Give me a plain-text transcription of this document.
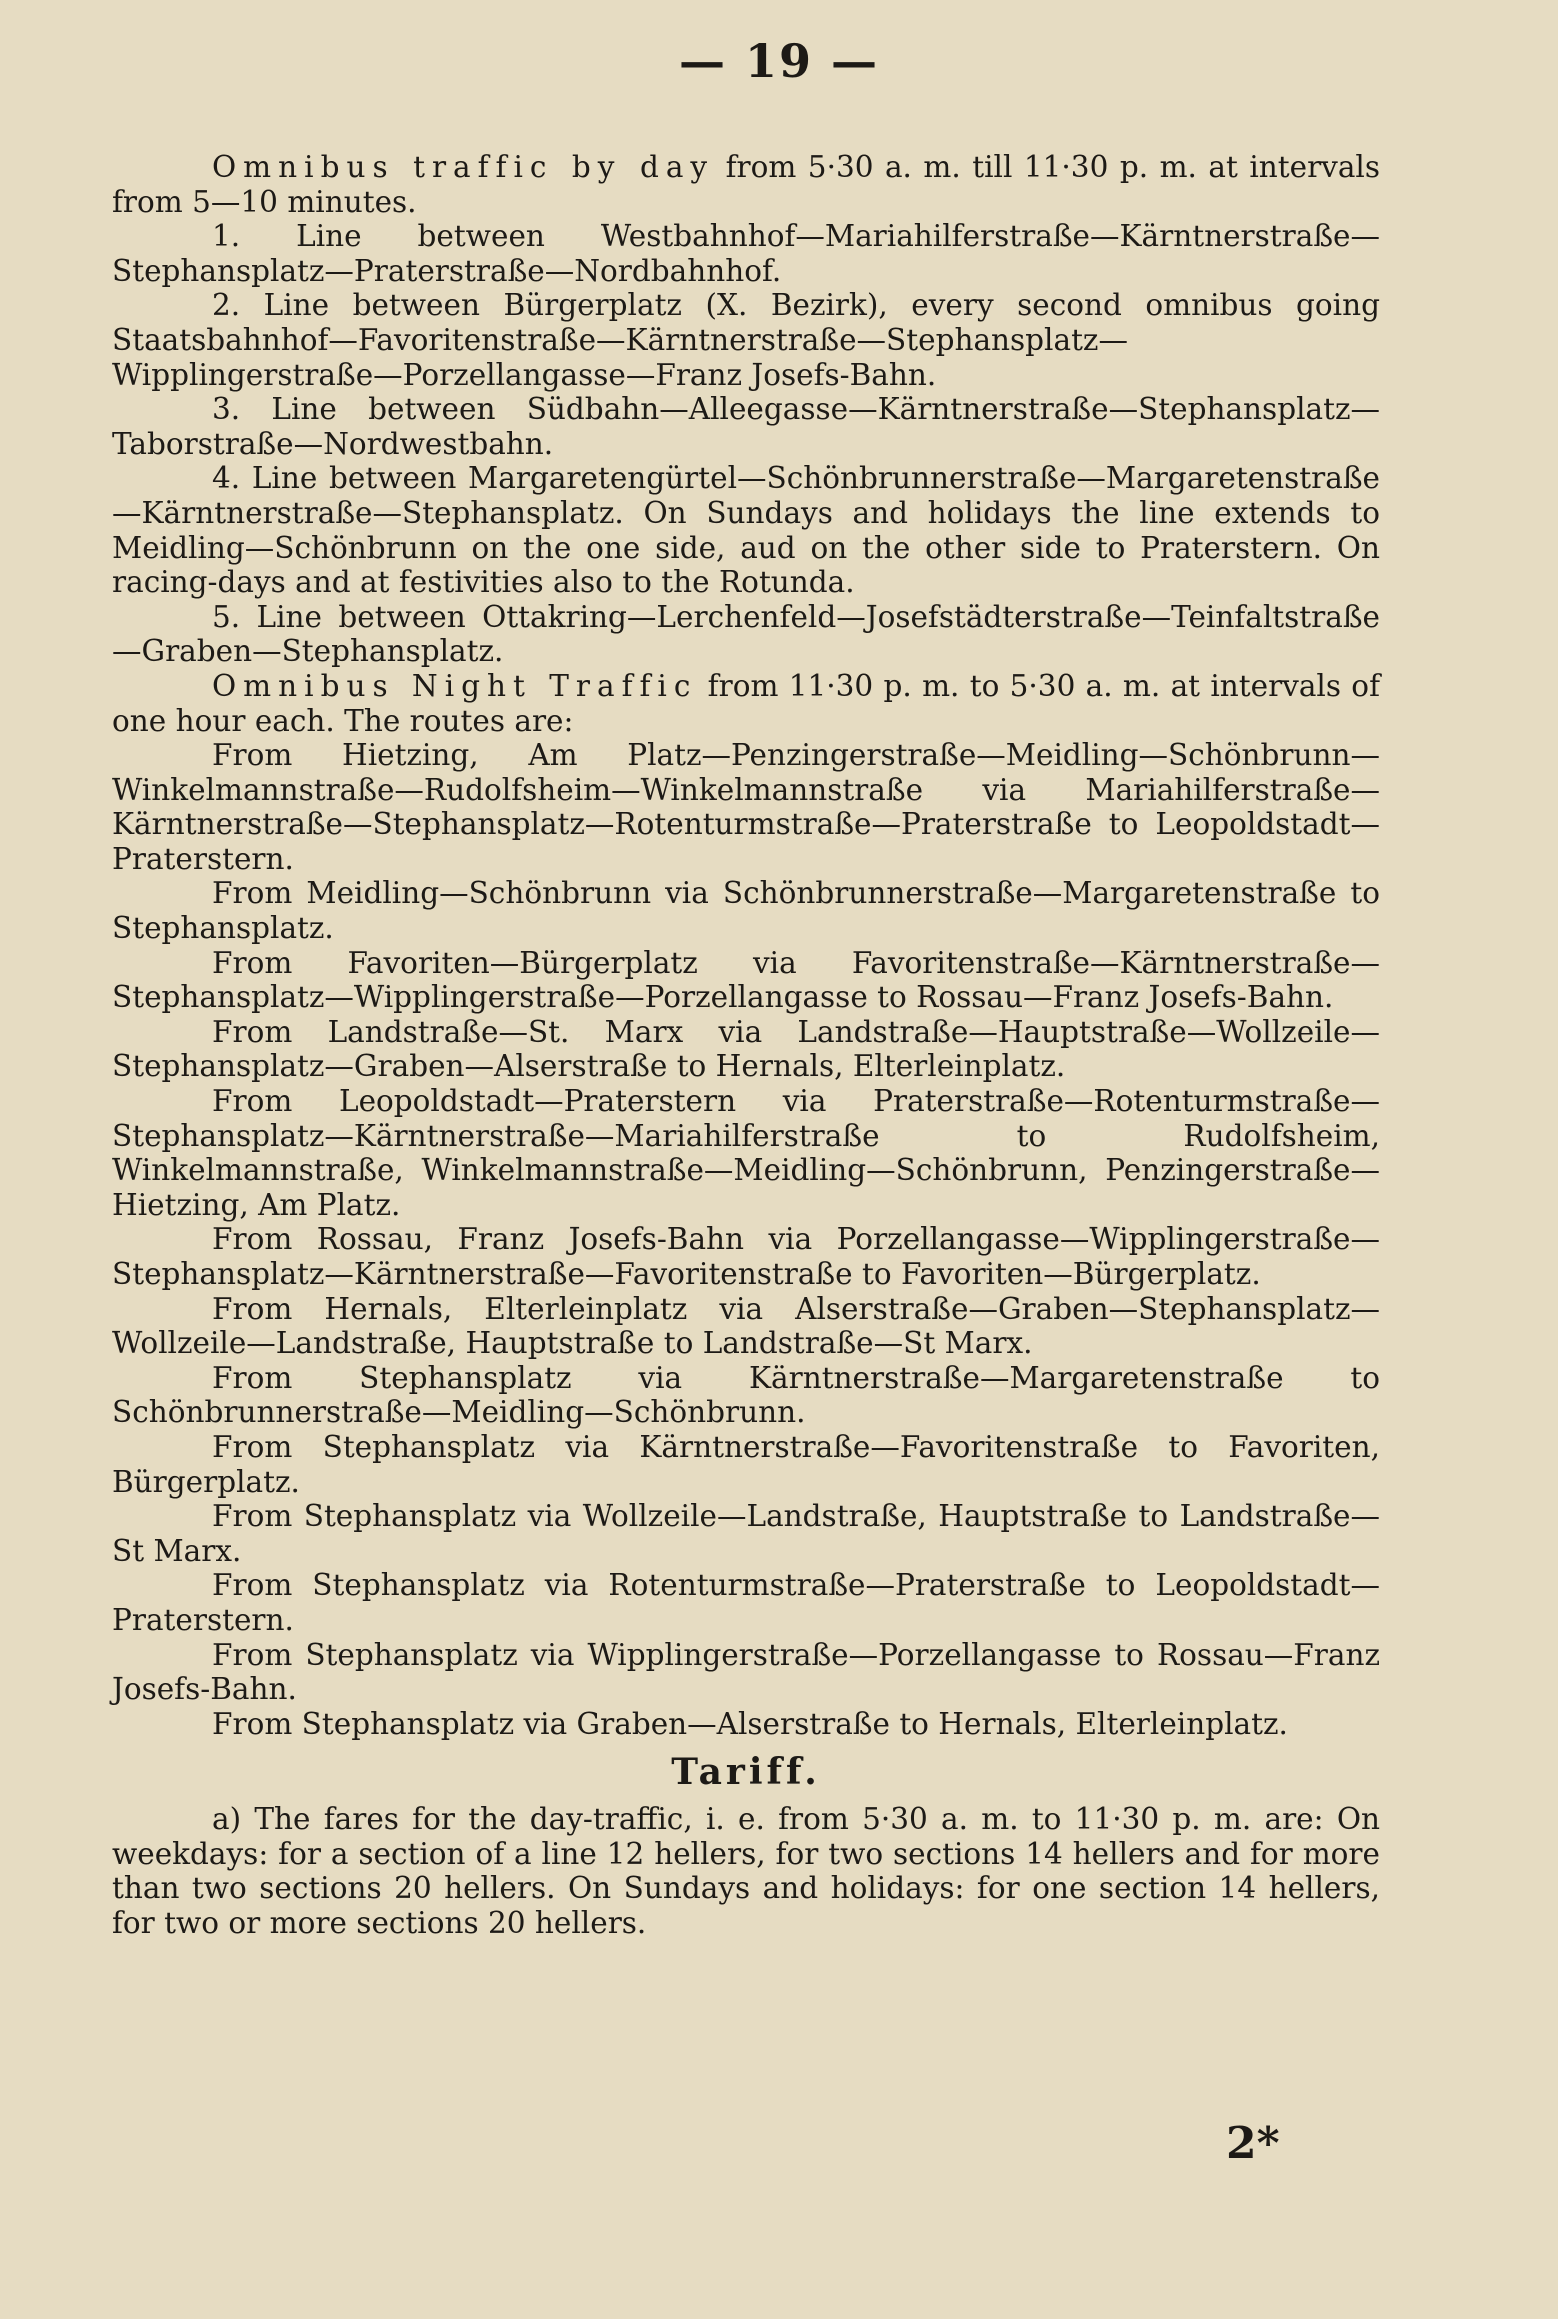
— 19 —

Omnibus traffic by day from 5·30 a. m. till 11·30 p. m. at intervals from 5—10 minutes.

1. Line between Westbahnhof—Mariahilferstraße—Kärntnerstraße—Stephansplatz—Praterstraße—Nordbahnhof.

2. Line between Bürgerplatz (X. Bezirk), every second omnibus going Staatsbahnhof—Favoritenstraße—Kärntnerstraße—Stephansplatz—Wipplingerstraße—Porzellangasse—Franz Josefs-Bahn.

3. Line between Südbahn—Alleegasse—Kärntnerstraße—Stephansplatz—Taborstraße—Nordwestbahn.

4. Line between Margaretengürtel—Schönbrunnerstraße—Margaretenstraße—Kärntnerstraße—Stephansplatz. On Sundays and holidays the line extends to Meidling—Schönbrunn on the one side, aud on the other side to Praterstern. On racing-days and at festivities also to the Rotunda.

5. Line between Ottakring—Lerchenfeld—Josefstädterstraße—Teinfaltstraße—Graben—Stephansplatz.

Omnibus Night Traffic from 11·30 p. m. to 5·30 a. m. at intervals of one hour each. The routes are:

From Hietzing, Am Platz—Penzingerstraße—Meidling—Schönbrunn—Winkelmannstraße—Rudolfsheim—Winkelmannstraße via Mariahilferstraße—Kärntnerstraße—Stephansplatz—Rotenturmstraße—Praterstraße to Leopoldstadt—Praterstern.

From Meidling—Schönbrunn via Schönbrunnerstraße—Margaretenstraße to Stephansplatz.

From Favoriten—Bürgerplatz via Favoritenstraße—Kärntnerstraße—Stephansplatz—Wipplingerstraße—Porzellangasse to Rossau—Franz Josefs-Bahn.

From Landstraße—St. Marx via Landstraße—Hauptstraße—Wollzeile—Stephansplatz—Graben—Alserstraße to Hernals, Elterleinplatz.

From Leopoldstadt—Praterstern via Praterstraße—Rotenturmstraße—Stephansplatz—Kärntnerstraße—Mariahilferstraße to Rudolfsheim, Winkelmannstraße, Winkelmannstraße—Meidling—Schönbrunn, Penzingerstraße—Hietzing, Am Platz.

From Rossau, Franz Josefs-Bahn via Porzellangasse—Wipplingerstraße—Stephansplatz—Kärntnerstraße—Favoritenstraße to Favoriten—Bürgerplatz.

From Hernals, Elterleinplatz via Alserstraße—Graben—Stephansplatz—Wollzeile—Landstraße, Hauptstraße to Landstraße—St Marx.

From Stephansplatz via Kärntnerstraße—Margaretenstraße to Schönbrunnerstraße—Meidling—Schönbrunn.

From Stephansplatz via Kärntnerstraße—Favoritenstraße to Favoriten, Bürgerplatz.

From Stephansplatz via Wollzeile—Landstraße, Hauptstraße to Landstraße—St Marx.

From Stephansplatz via Rotenturmstraße—Praterstraße to Leopoldstadt—Praterstern.

From Stephansplatz via Wipplingerstraße—Porzellangasse to Rossau—Franz Josefs-Bahn.

From Stephansplatz via Graben—Alserstraße to Hernals, Elterleinplatz.

Tariff.

a) The fares for the day-traffic, i. e. from 5·30 a. m. to 11·30 p. m. are: On weekdays: for a section of a line 12 hellers, for two sections 14 hellers and for more than two sections 20 hellers. On Sundays and holidays: for one section 14 hellers, for two or more sections 20 hellers.

2*
